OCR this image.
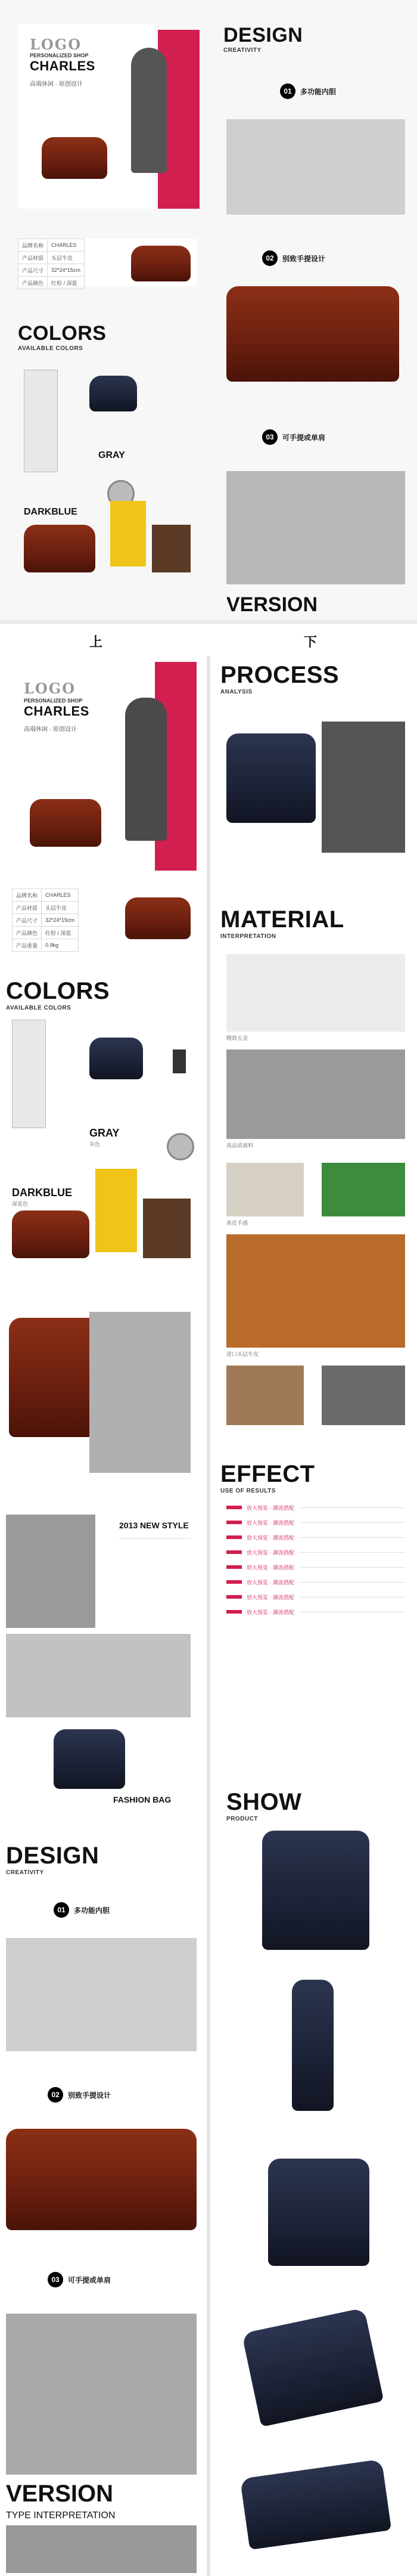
LOGO
PERSONALIZED SHOP
CHARLES
高端休闲 · 原创设计
品牌名称	CHARLES
产品材质	头层牛皮
产品尺寸	32*24*15cm
产品颜色	红棕 / 深蓝
COLORS
AVAILABLE COLORS
GRAY
DARKBLUE
DESIGN
CREATIVITY
01	多功能内胆
02	别致手提设计
03	可手提或单肩
VERSION
上	下
LOGO
PERSONALIZED SHOP
CHARLES
高端休闲 · 原创设计
品牌名称	CHARLES
产品材质	头层牛皮
产品尺寸	32*24*15cm
产品颜色	红棕 / 深蓝
产品重量	0.9kg
COLORS
AVAILABLE COLORS
GRAY
灰色
DARKBLUE
深蓝色
2013 NEW STYLE
FASHION BAG
DESIGN
CREATIVITY
01	多功能内胆
02	别致手提设计
03	可手提或单肩
VERSION
TYPE INTERPRETATION
PROCESS
ANALYSIS
MATERIAL
INTERPRETATION
精致五金
高品质面料
真皮手感
进口头层牛皮
EFFECT
USE OF RESULTS
放大预览 · 潮流搭配
放大预览 · 潮流搭配
放大预览 · 潮流搭配
放大预览 · 潮流搭配
放大预览 · 潮流搭配
放大预览 · 潮流搭配
放大预览 · 潮流搭配
放大预览 · 潮流搭配
SHOW
PRODUCT
